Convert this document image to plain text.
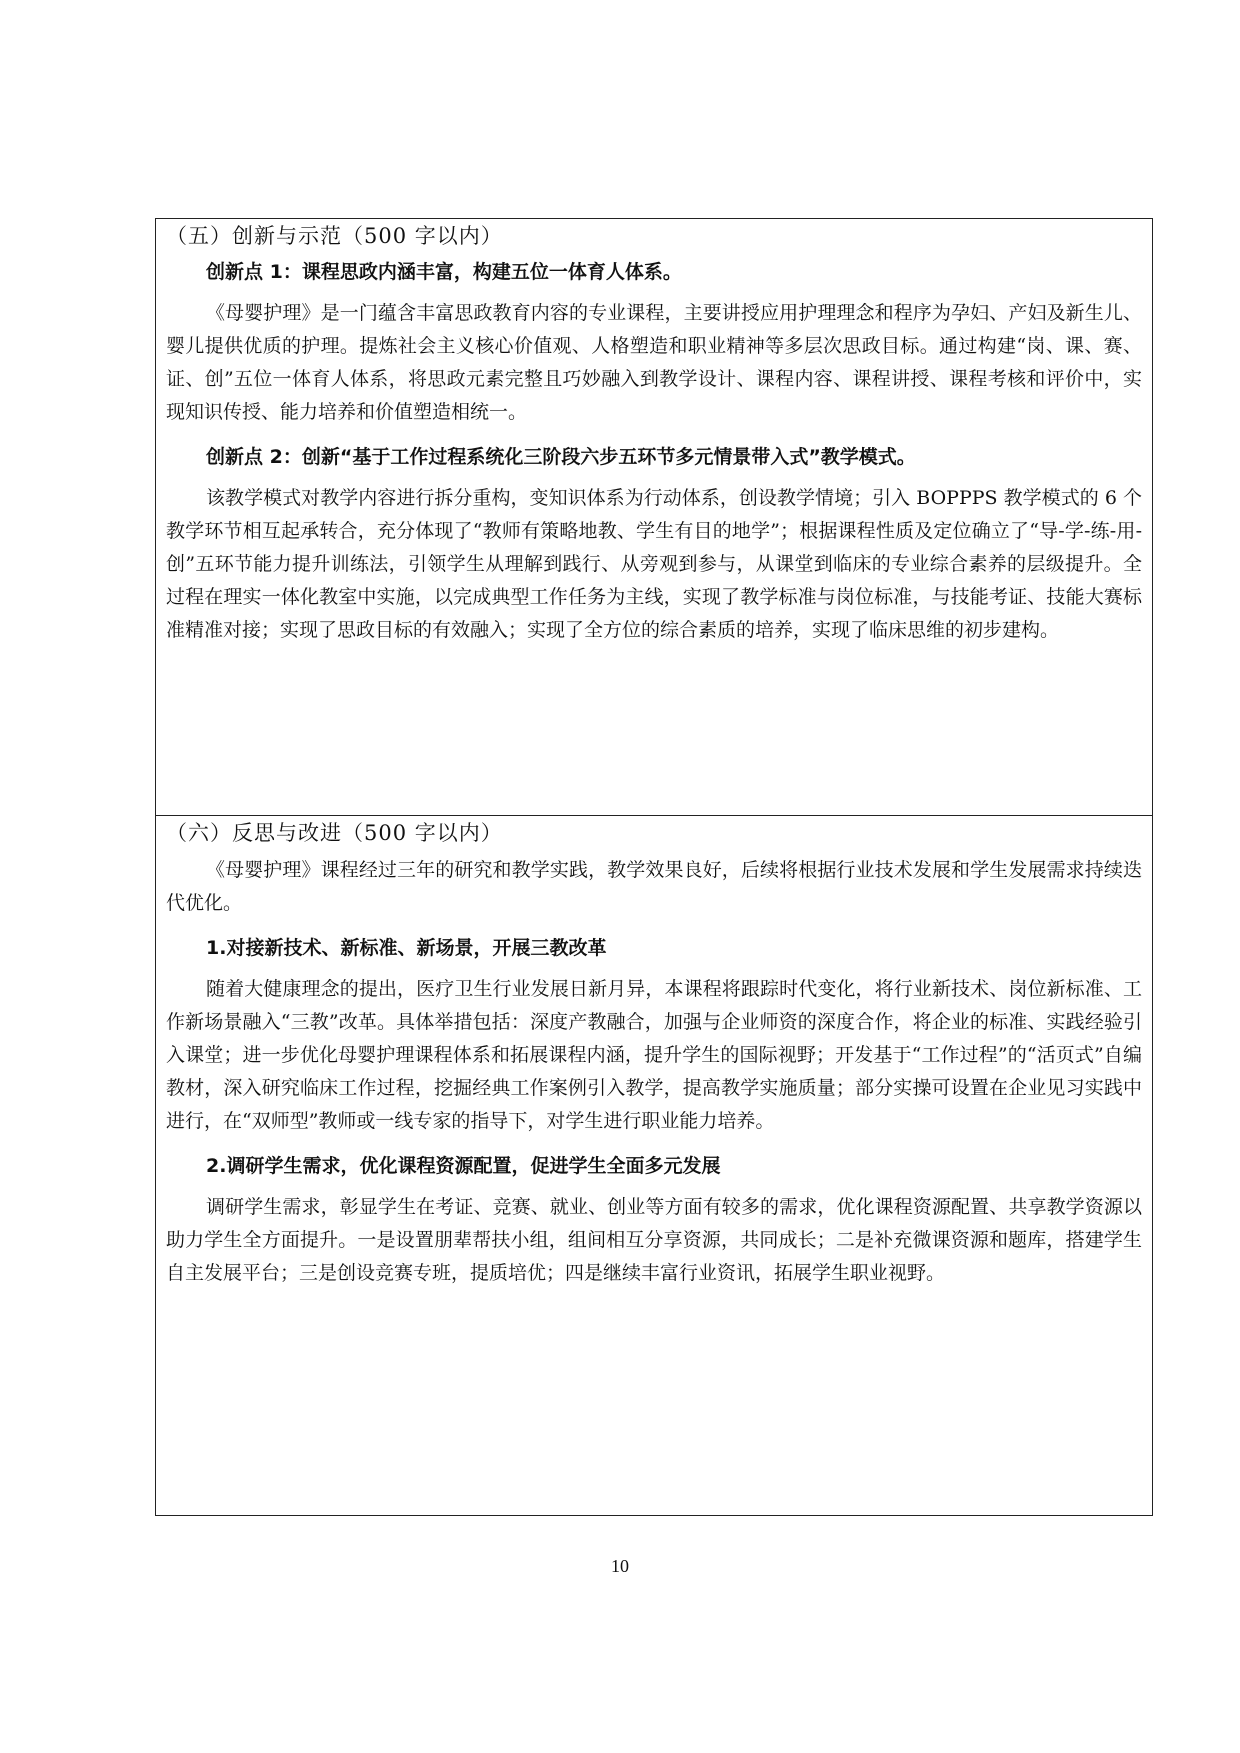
（五）创新与示范（500 字以内）
创新点 1：课程思政内涵丰富，构建五位一体育人体系。

《母婴护理》是一门蕴含丰富思政教育内容的专业课程，主要讲授应用护理理念和程序为孕妇、产妇及新生儿、婴儿提供优质的护理。提炼社会主义核心价值观、人格塑造和职业精神等多层次思政目标。通过构建“岗、课、赛、证、创”五位一体育人体系，将思政元素完整且巧妙融入到教学设计、课程内容、课程讲授、课程考核和评价中，实现知识传授、能力培养和价值塑造相统一。

创新点 2：创新“基于工作过程系统化三阶段六步五环节多元情景带入式”教学模式。

该教学模式对教学内容进行拆分重构，变知识体系为行动体系，创设教学情境；引入 BOPPPS 教学模式的 6 个教学环节相互起承转合，充分体现了“教师有策略地教、学生有目的地学”；根据课程性质及定位确立了“导-学-练-用-创”五环节能力提升训练法，引领学生从理解到践行、从旁观到参与，从课堂到临床的专业综合素养的层级提升。全过程在理实一体化教室中实施，以完成典型工作任务为主线，实现了教学标准与岗位标准，与技能考证、技能大赛标准精准对接；实现了思政目标的有效融入；实现了全方位的综合素质的培养，实现了临床思维的初步建构。

（六）反思与改进（500 字以内）

《母婴护理》课程经过三年的研究和教学实践，教学效果良好，后续将根据行业技术发展和学生发展需求持续迭代优化。

1.对接新技术、新标准、新场景，开展三教改革

随着大健康理念的提出，医疗卫生行业发展日新月异，本课程将跟踪时代变化，将行业新技术、岗位新标准、工作新场景融入“三教”改革。具体举措包括：深度产教融合，加强与企业师资的深度合作，将企业的标准、实践经验引入课堂；进一步优化母婴护理课程体系和拓展课程内涵，提升学生的国际视野；开发基于“工作过程”的“活页式”自编教材，深入研究临床工作过程，挖掘经典工作案例引入教学，提高教学实施质量；部分实操可设置在企业见习实践中进行，在“双师型”教师或一线专家的指导下，对学生进行职业能力培养。

2.调研学生需求，优化课程资源配置，促进学生全面多元发展

调研学生需求，彰显学生在考证、竞赛、就业、创业等方面有较多的需求，优化课程资源配置、共享教学资源以助力学生全方面提升。一是设置朋辈帮扶小组，组间相互分享资源，共同成长；二是补充微课资源和题库，搭建学生自主发展平台；三是创设竞赛专班，提质培优；四是继续丰富行业资讯，拓展学生职业视野。

10
